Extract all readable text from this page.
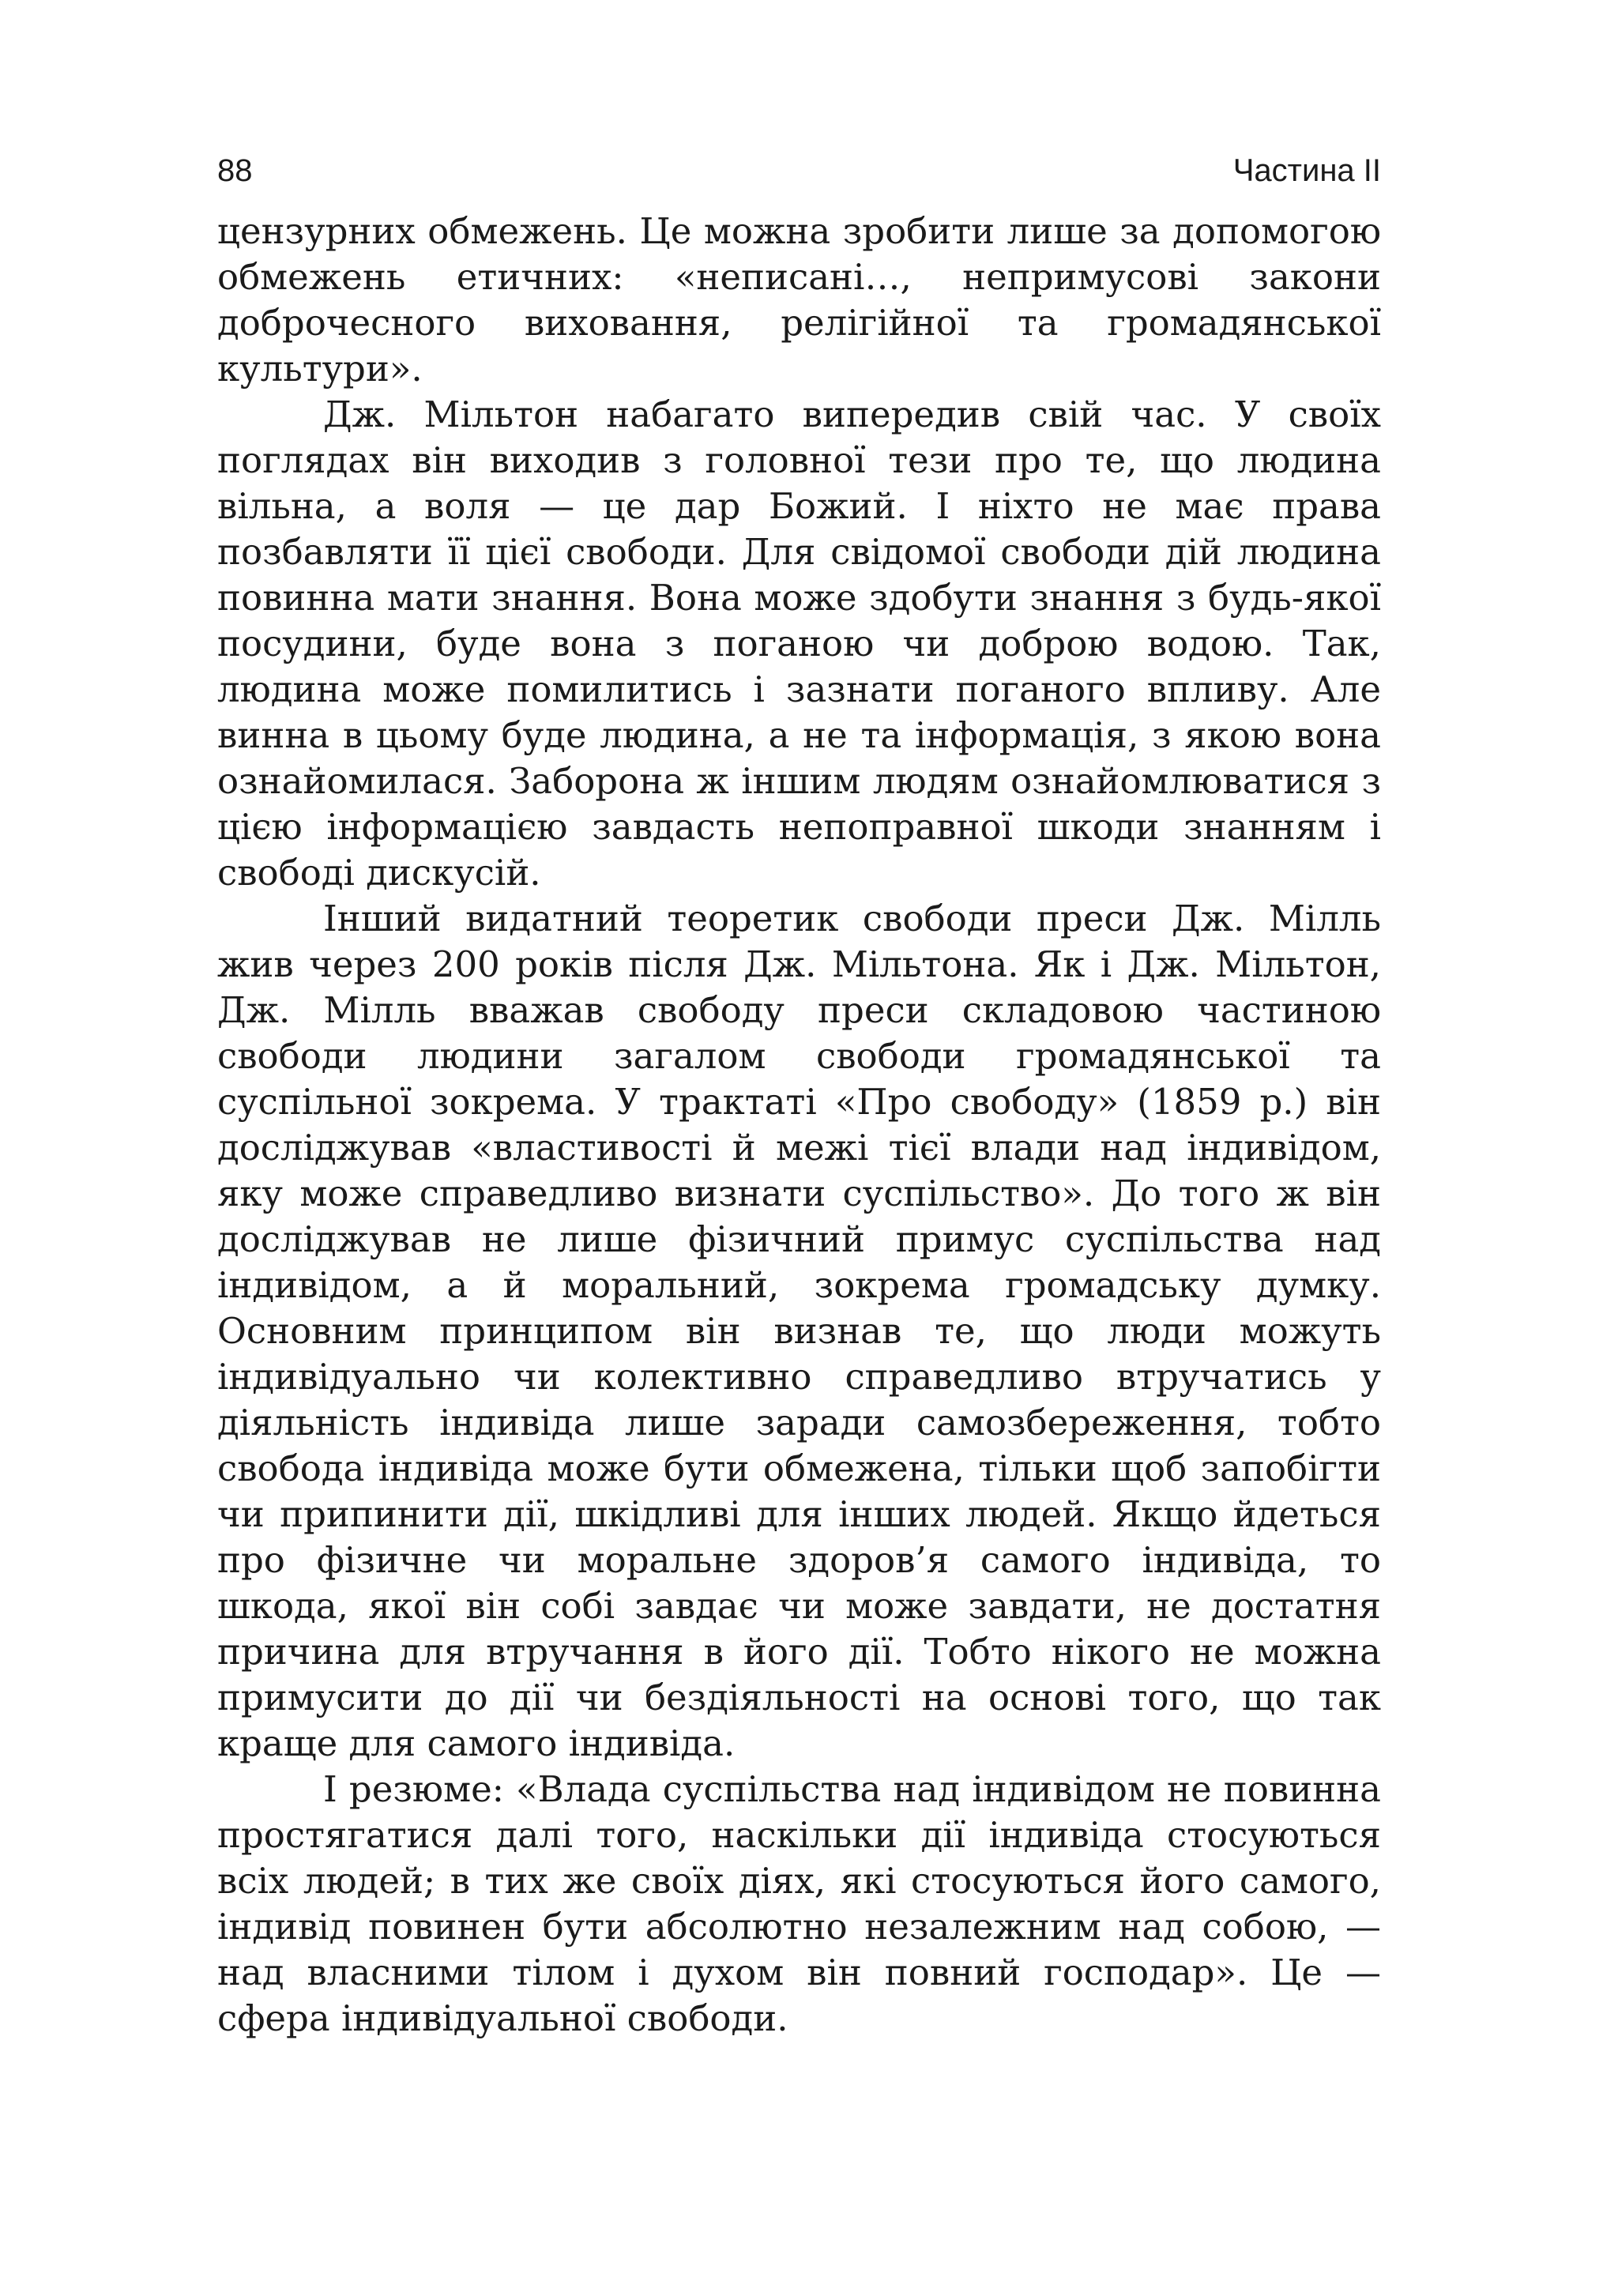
88	Частина II

цензурних обмежень. Це можна зробити лише за допомогою обмежень етичних: «неписані…, непримусові закони доброчесного виховання, релігійної та громадянської культури».

Дж. Мільтон набагато випередив свій час. У своїх поглядах він виходив з головної тези про те, що людина вільна, а воля — це дар Божий. І ніхто не має права позбавляти її цієї свободи. Для свідомої свободи дій людина повинна мати знання. Вона може здобути знання з будь-якої посудини, буде вона з поганою чи доброю водою. Так, людина може помилитись і зазнати поганого впливу. Але винна в цьому буде людина, а не та інформація, з якою вона ознайомилася. Заборона ж іншим людям ознайомлюватися з цією інформацією завдасть непоправної шкоди знанням і свободі дискусій.

Інший видатний теоретик свободи преси Дж. Мілль жив через 200 років після Дж. Мільтона. Як і Дж. Мільтон, Дж. Мілль вважав свободу преси складовою частиною свободи людини загалом свободи громадянської та суспільної зокрема. У трактаті «Про свободу» (1859 р.) він досліджував «властивості й межі тієї влади над індивідом, яку може справедливо визнати суспільство». До того ж він досліджував не лише фізичний примус суспільства над індивідом, а й моральний, зокрема громадську думку. Основним принципом він визнав те, що люди можуть індивідуально чи колективно справедливо втручатись у діяльність індивіда лише заради самозбереження, тобто свобода індивіда може бути обмежена, тільки щоб запобігти чи припинити дії, шкідливі для інших людей. Якщо йдеться про фізичне чи моральне здоров’я самого індивіда, то шкода, якої він собі завдає чи може завдати, не достатня причина для втручання в його дії. Тобто нікого не можна примусити до дії чи бездіяльності на основі того, що так краще для самого індивіда.

І резюме: «Влада суспільства над індивідом не повинна простягатися далі того, наскільки дії індивіда стосуються всіх людей; в тих же своїх діях, які стосуються його самого, індивід повинен бути абсолютно незалежним над собою, — над власними тілом і духом він повний господар». Це — сфера індивідуальної свободи.
